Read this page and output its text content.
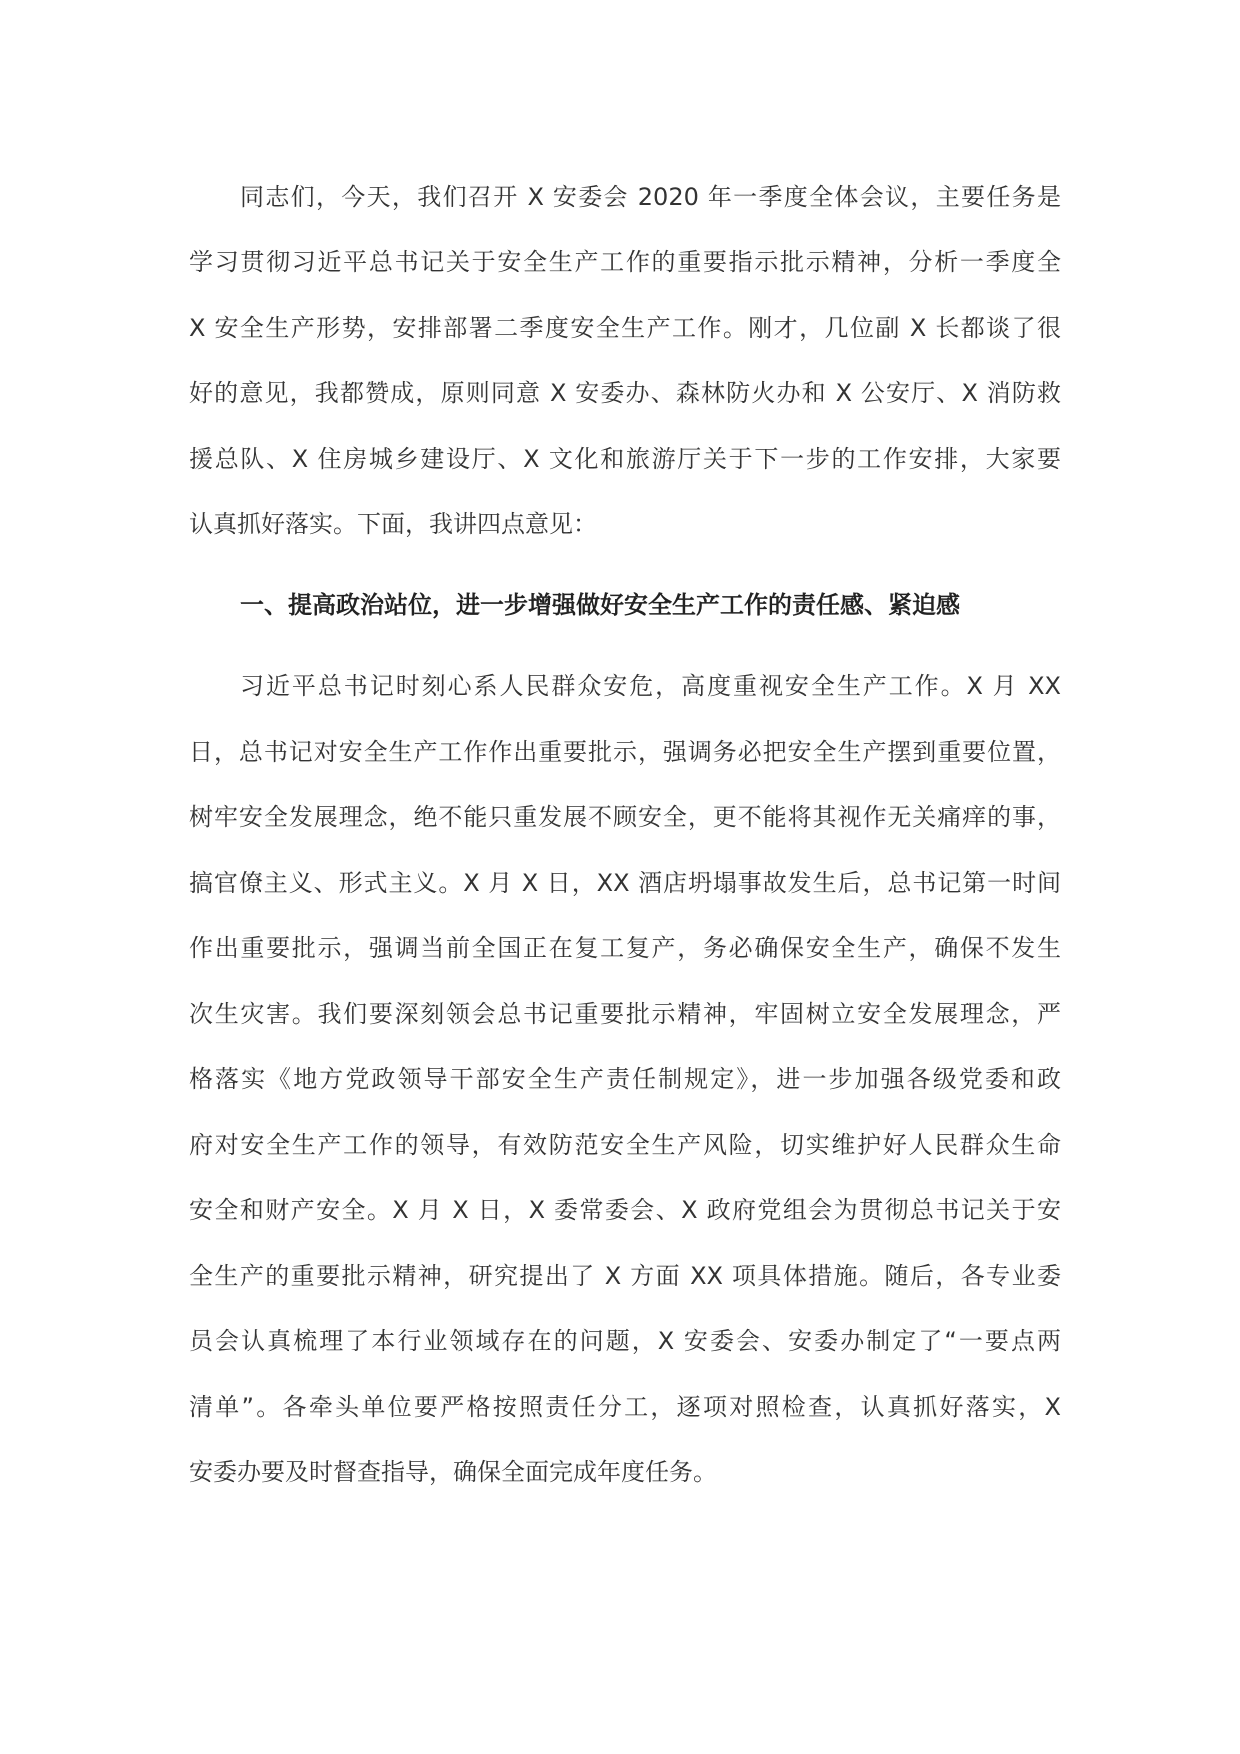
同志们，今天，我们召开 X 安委会 2020 年一季度全体会议，主要任务是
学习贯彻习近平总书记关于安全生产工作的重要指示批示精神，分析一季度全
X 安全生产形势，安排部署二季度安全生产工作。刚才，几位副 X 长都谈了很
好的意见，我都赞成，原则同意 X 安委办、森林防火办和 X 公安厅、X 消防救
援总队、X 住房城乡建设厅、X 文化和旅游厅关于下一步的工作安排，大家要
认真抓好落实。下面，我讲四点意见：
一、提高政治站位，进一步增强做好安全生产工作的责任感、紧迫感
习近平总书记时刻心系人民群众安危，高度重视安全生产工作。X 月 XX
日，总书记对安全生产工作作出重要批示，强调务必把安全生产摆到重要位置，
树牢安全发展理念，绝不能只重发展不顾安全，更不能将其视作无关痛痒的事，
搞官僚主义、形式主义。X 月 X 日，XX 酒店坍塌事故发生后，总书记第一时间
作出重要批示，强调当前全国正在复工复产，务必确保安全生产，确保不发生
次生灾害。我们要深刻领会总书记重要批示精神，牢固树立安全发展理念，严
格落实《地方党政领导干部安全生产责任制规定》，进一步加强各级党委和政
府对安全生产工作的领导，有效防范安全生产风险，切实维护好人民群众生命
安全和财产安全。X 月 X 日，X 委常委会、X 政府党组会为贯彻总书记关于安
全生产的重要批示精神，研究提出了 X 方面 XX 项具体措施。随后，各专业委
员会认真梳理了本行业领域存在的问题，X 安委会、安委办制定了“一要点两
清单”。各牵头单位要严格按照责任分工，逐项对照检查，认真抓好落实，X
安委办要及时督查指导，确保全面完成年度任务。
